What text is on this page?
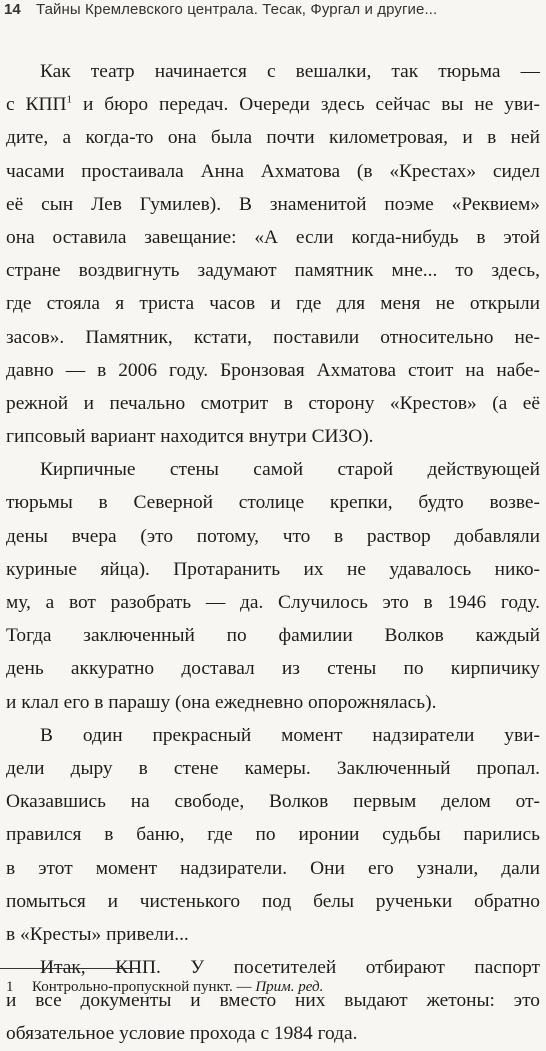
14 Тайны Кремлевского централа. Тесак, Фургал и другие...
Как театр начинается с вешалки, так тюрьма —
с КПП$^1$ и бюро передач. Очереди здесь сейчас вы не уви-
дите, а когда-то она была почти километровая, и в ней
часами простаивала Анна Ахматова (в «Крестах» сидел
её сын Лев Гумилев). В знаменитой поэме «Реквием»
она оставила завещание: «А если когда-нибудь в этой
стране воздвигнуть задумают памятник мне... то здесь,
где стояла я триста часов и где для меня не открыли
засов». Памятник, кстати, поставили относительно не-
давно — в 2006 году. Бронзовая Ахматова стоит на набе-
режной и печально смотрит в сторону «Крестов» (а её
гипсовый вариант находится внутри СИЗО).
Кирпичные стены самой старой действующей
тюрьмы в Северной столице крепки, будто возве-
дены вчера (это потому, что в раствор добавляли
куриные яйца). Протаранить их не удавалось нико-
му, а вот разобрать — да. Случилось это в 1946 году.
Тогда заключенный по фамилии Волков каждый
день аккуратно доставал из стены по кирпичику
и клал его в парашу (она ежедневно опорожнялась).
В один прекрасный момент надзиратели уви-
дели дыру в стене камеры. Заключенный пропал.
Оказавшись на свободе, Волков первым делом от-
правился в баню, где по иронии судьбы парились
в этот момент надзиратели. Они его узнали, дали
помыться и чистенького под белы рученьки обратно
в «Кресты» привели...
Итак, КПП. У посетителей отбирают паспорт
и все документы и вместо них выдают жетоны: это
обязательное условие прохода с 1984 года.
1 Контрольно-пропускной пункт. — Прим. ред.
